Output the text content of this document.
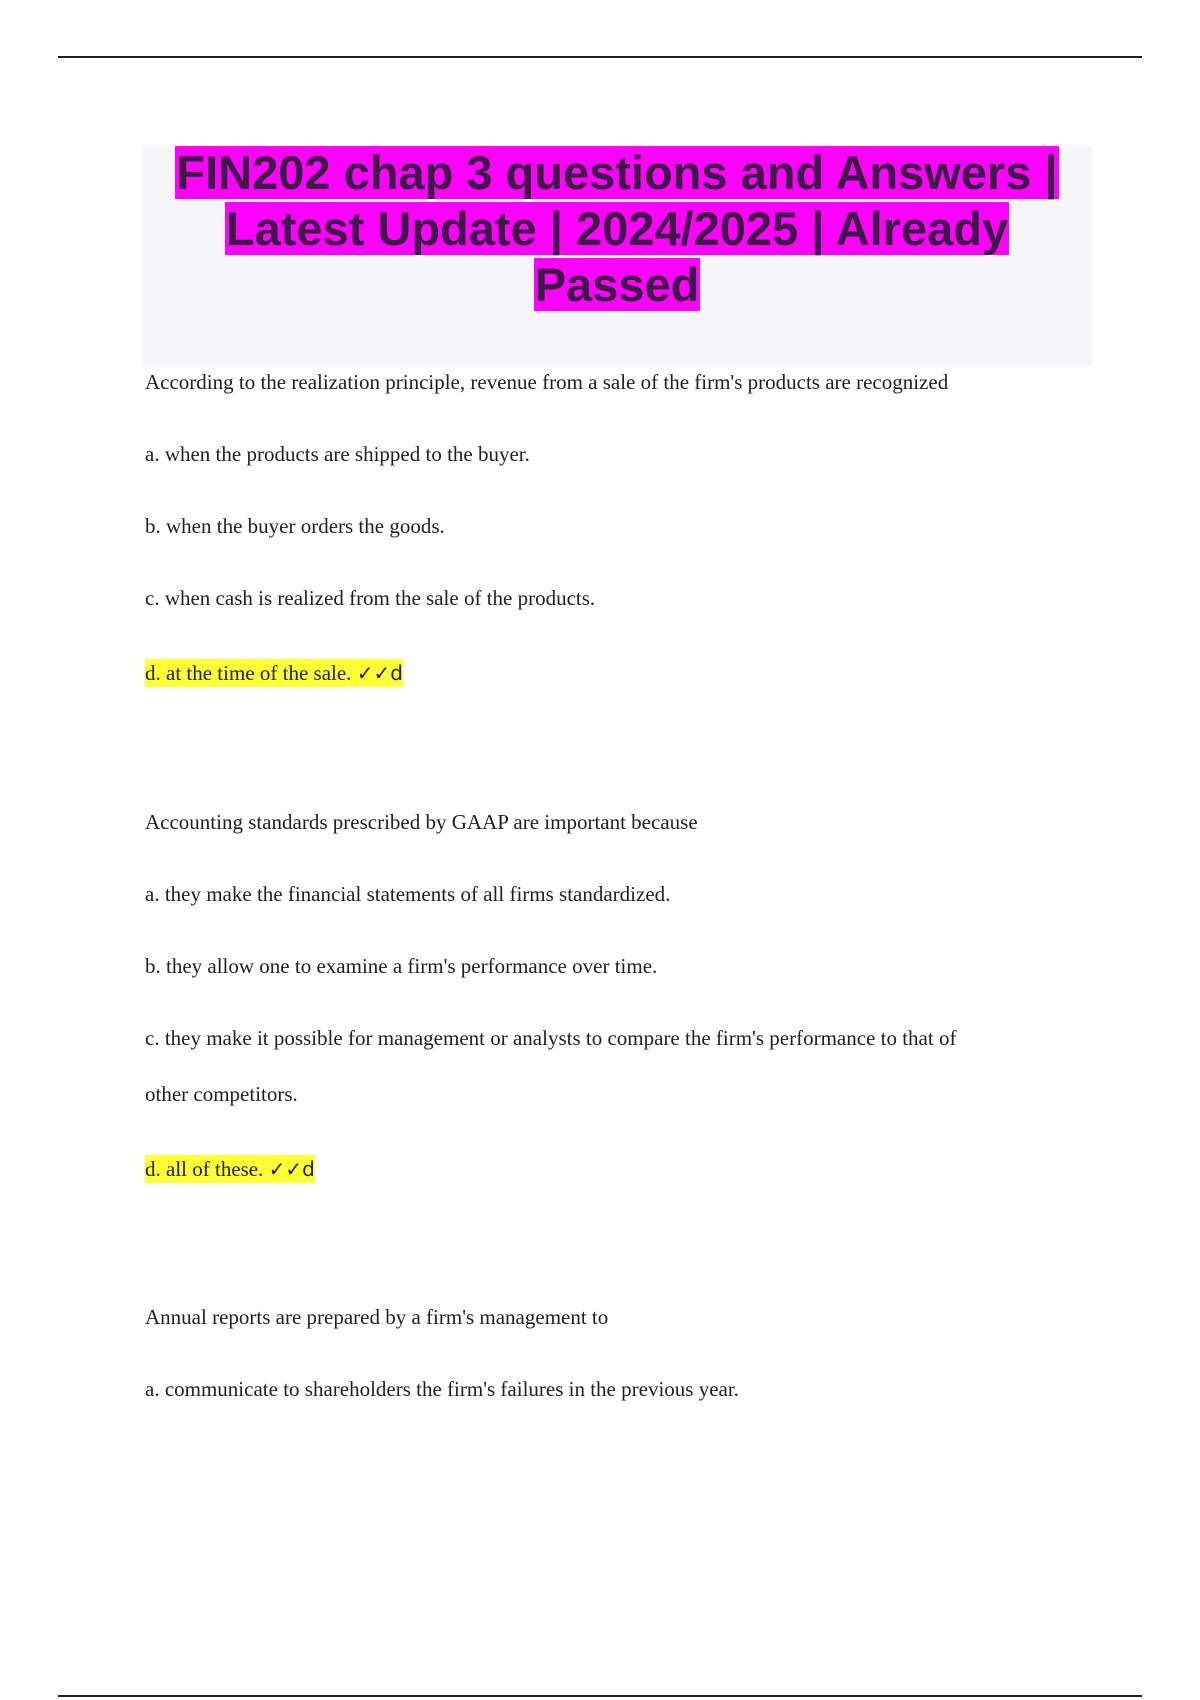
FIN202 chap 3 questions and Answers |
Latest Update | 2024/2025 | Already
Passed
According to the realization principle, revenue from a sale of the firm's products are recognized
a. when the products are shipped to the buyer.
b. when the buyer orders the goods.
c. when cash is realized from the sale of the products.
d. at the time of the sale. ✓✓d
Accounting standards prescribed by GAAP are important because
a. they make the financial statements of all firms standardized.
b. they allow one to examine a firm's performance over time.
c. they make it possible for management or analysts to compare the firm's performance to that of
other competitors.
d. all of these. ✓✓d
Annual reports are prepared by a firm's management to
a. communicate to shareholders the firm's failures in the previous year.
